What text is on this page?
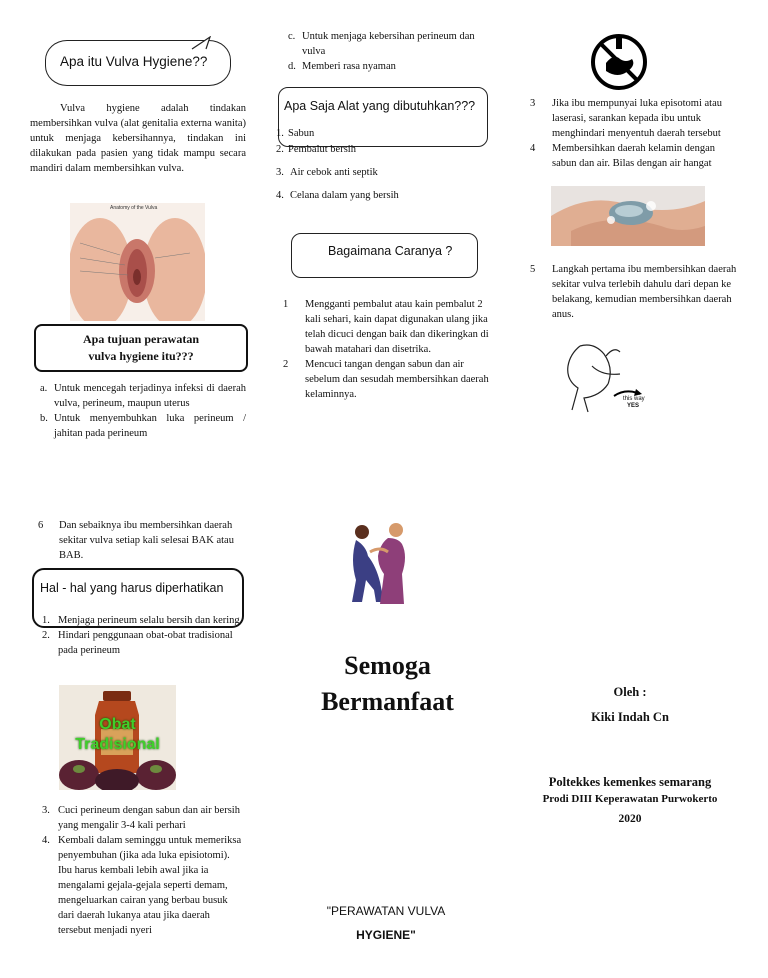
Apa itu Vulva Hygiene??
Vulva hygiene adalah tindakan membersihkan vulva (alat genitalia externa wanita) untuk menjaga kebersihannya, tindakan ini dilakukan pada pasien yang tidak mampu secara mandiri dalam membersihkan vulva.
Anatomy of the Vulva
Apa tujuan perawatan
vulva hygiene itu???
a. Untuk mencegah terjadinya infeksi di daerah vulva, perineum, maupun uterus
b. Untuk menyembuhkan luka perineum / jahitan pada perineum
c. Untuk menjaga kebersihan perineum dan vulva
d. Memberi rasa nyaman
Apa Saja Alat yang dibutuhkan???
1. Sabun
2. Pembalut bersih
3. Air cebok anti septik
4. Celana dalam yang bersih
Bagaimana Caranya ?
1	Mengganti pembalut atau kain pembalut 2 kali sehari, kain dapat digunakan ulang jika telah dicuci dengan baik dan dikeringkan di bawah matahari dan disetrika.
2	Mencuci tangan dengan sabun dan air sebelum dan sesudah membersihkan daerah kelaminnya.
3	Jika ibu mempunyai luka episotomi atau laserasi, sarankan kepada ibu untuk menghindari menyentuh daerah tersebut
4	Membersihkan daerah kelamin dengan sabun dan air. Bilas dengan air hangat
5	Langkah pertama ibu membersihkan daerah sekitar vulva terlebih dahulu dari depan ke belakang, kemudian membersihkan daerah anus.
this way
YES
6	Dan sebaiknya ibu membersihkan daerah sekitar vulva setiap kali selesai BAK atau BAB.
Hal - hal yang harus diperhatikan
1. Menjaga perineum selalu bersih dan kering
2. Hindari penggunaan obat-obat tradisional pada perineum
Obat
Tradisional
3. Cuci perineum dengan sabun dan air bersih yang mengalir 3-4 kali perhari
4. Kembali dalam seminggu untuk memeriksa penyembuhan (jika ada luka episiotomi). Ibu harus kembali lebih awal jika ia mengalami gejala-gejala seperti demam, mengeluarkan cairan yang berbau busuk dari daerah lukanya atau jika daerah tersebut menjadi nyeri
Semoga
Bermanfaat
"PERAWATAN VULVA
HYGIENE"
Oleh :
Kiki Indah Cn
Poltekkes kemenkes semarang
Prodi DIII Keperawatan Purwokerto
2020
